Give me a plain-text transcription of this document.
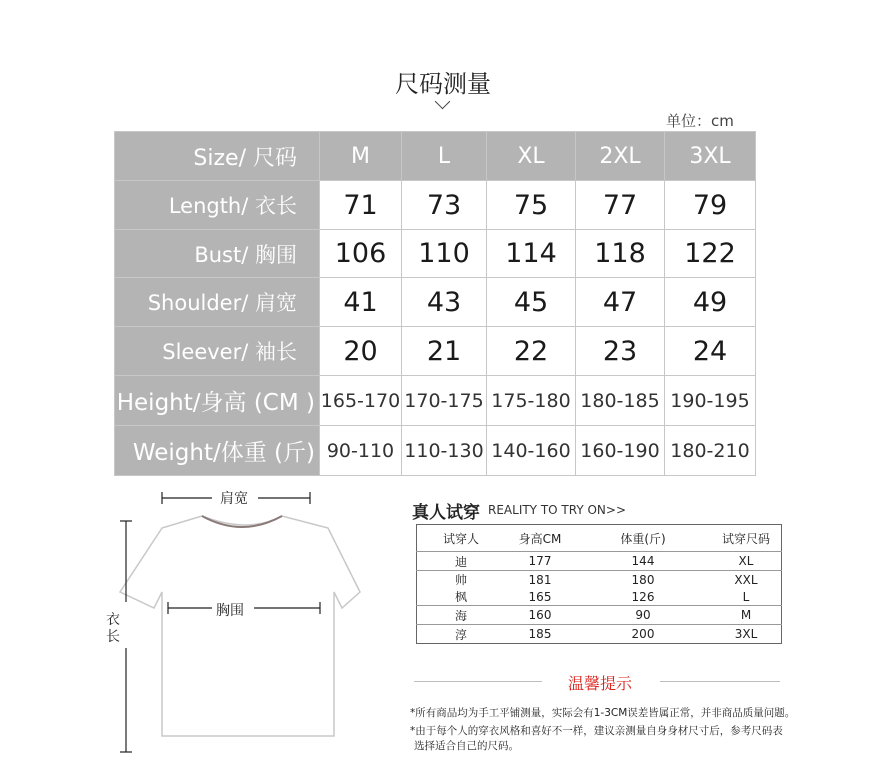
尺码测量
单位：cm
Size/ 尺码	M	L	XL	2XL	3XL
Length/ 衣长	71	73	75	77	79
Bust/ 胸围	106	110	114	118	122
Shoulder/ 肩宽	41	43	45	47	49
Sleever/ 袖长	20	21	22	23	24
Height/身高 (CM )	165-170	170-175	175-180	180-185	190-195
Weight/体重 (斤)	90-110	110-130	140-160	160-190	180-210
肩宽
胸围
衣长
真人试穿 REALITY TO TRY ON>>
试穿人	身高CM	体重(斤)	试穿尺码
迪	177	144	XL
帅	181	180	XXL
枫	165	126	L
海	160	90	M
淳	185	200	3XL
温馨提示
*所有商品均为手工平铺测量，实际会有1-3CM误差皆属正常，并非商品质量问题。
*由于每个人的穿衣风格和喜好不一样，建议亲测量自身身材尺寸后，参考尺码表
选择适合自己的尺码。
